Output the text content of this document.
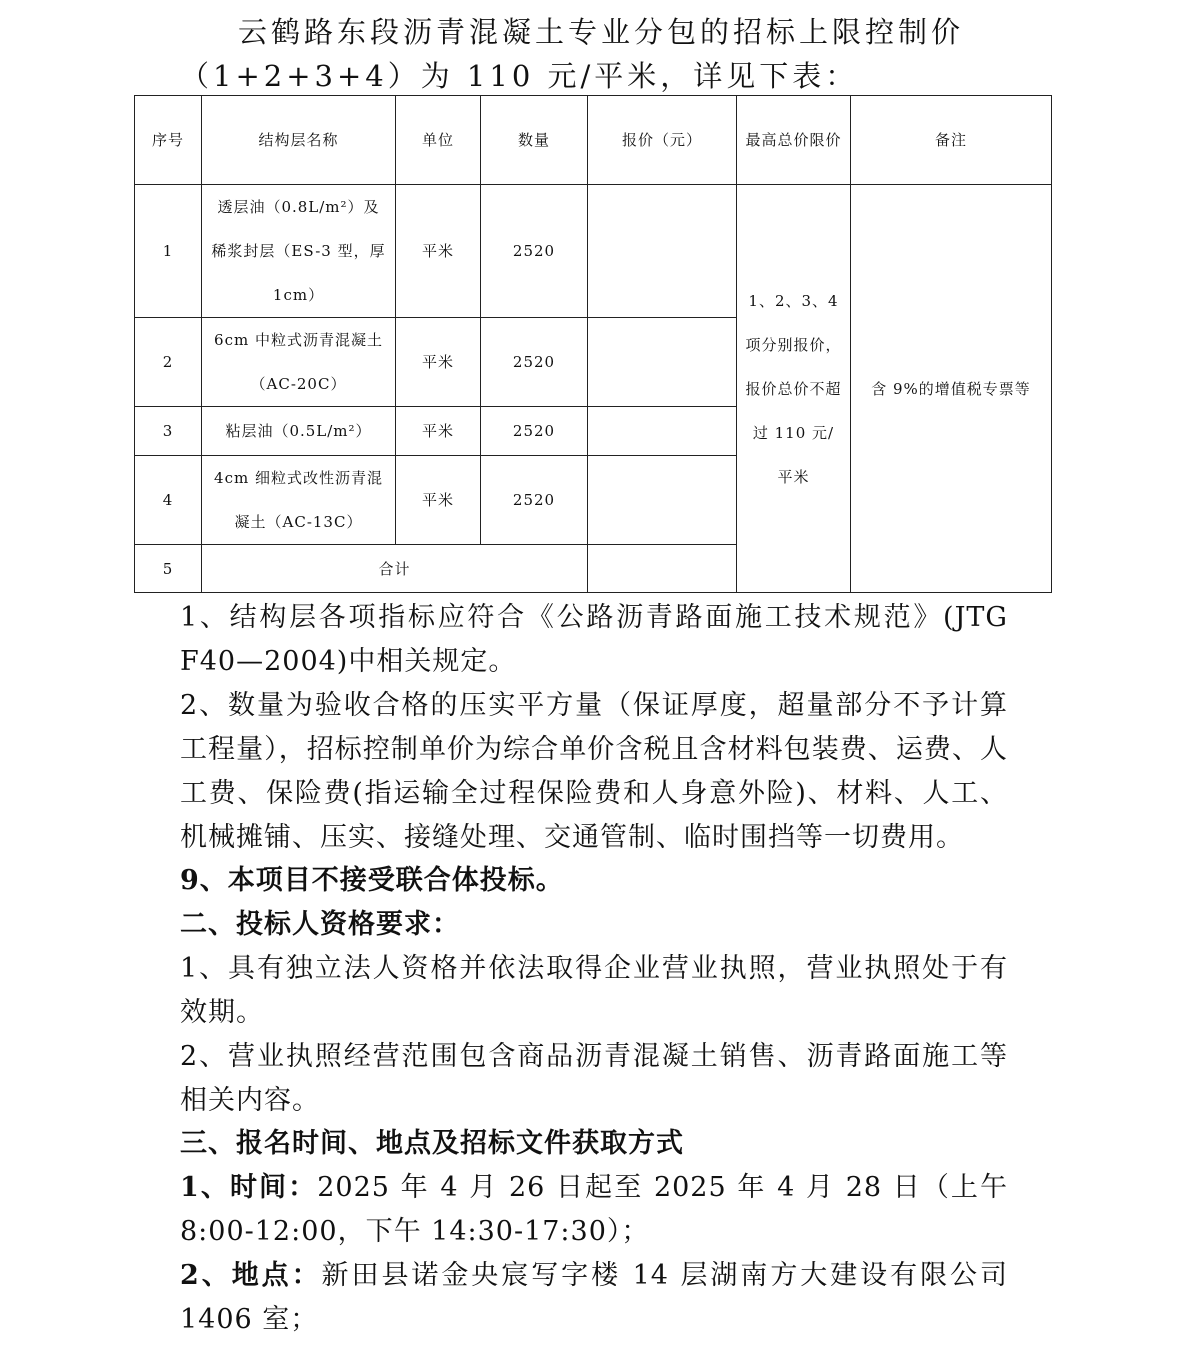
云鹤路东段沥青混凝土专业分包的招标上限控制价
（1+2+3+4）为 110 元/平米，详见下表：

序号	结构层名称	单位	数量	报价（元）	最高总价限价	备注
1	透层油（0.8L/m²）及稀浆封层（ES-3 型，厚 1cm）	平米	2520		1、2、3、4 项分别报价，报价总价不超过 110 元/平米	含 9%的增值税专票等
2	6cm 中粒式沥青混凝土（AC-20C）	平米	2520			
3	粘层油（0.5L/m²）	平米	2520			
4	4cm 细粒式改性沥青混凝土（AC-13C）	平米	2520			
5	合计					

1、结构层各项指标应符合《公路沥青路面施工技术规范》(JTG F40—2004)中相关规定。

2、数量为验收合格的压实平方量（保证厚度，超量部分不予计算工程量），招标控制单价为综合单价含税且含材料包装费、运费、人工费、保险费(指运输全过程保险费和人身意外险)、材料、人工、机械摊铺、压实、接缝处理、交通管制、临时围挡等一切费用。

9、本项目不接受联合体投标。

二、投标人资格要求：

1、具有独立法人资格并依法取得企业营业执照，营业执照处于有效期。

2、营业执照经营范围包含商品沥青混凝土销售、沥青路面施工等相关内容。

三、报名时间、地点及招标文件获取方式

1、时间：2025 年 4 月 26 日起至 2025 年 4 月 28 日（上午 8:00-12:00，下午 14:30-17:30）；

2、地点：新田县诺金央宸写字楼 14 层湖南方大建设有限公司 1406 室；
